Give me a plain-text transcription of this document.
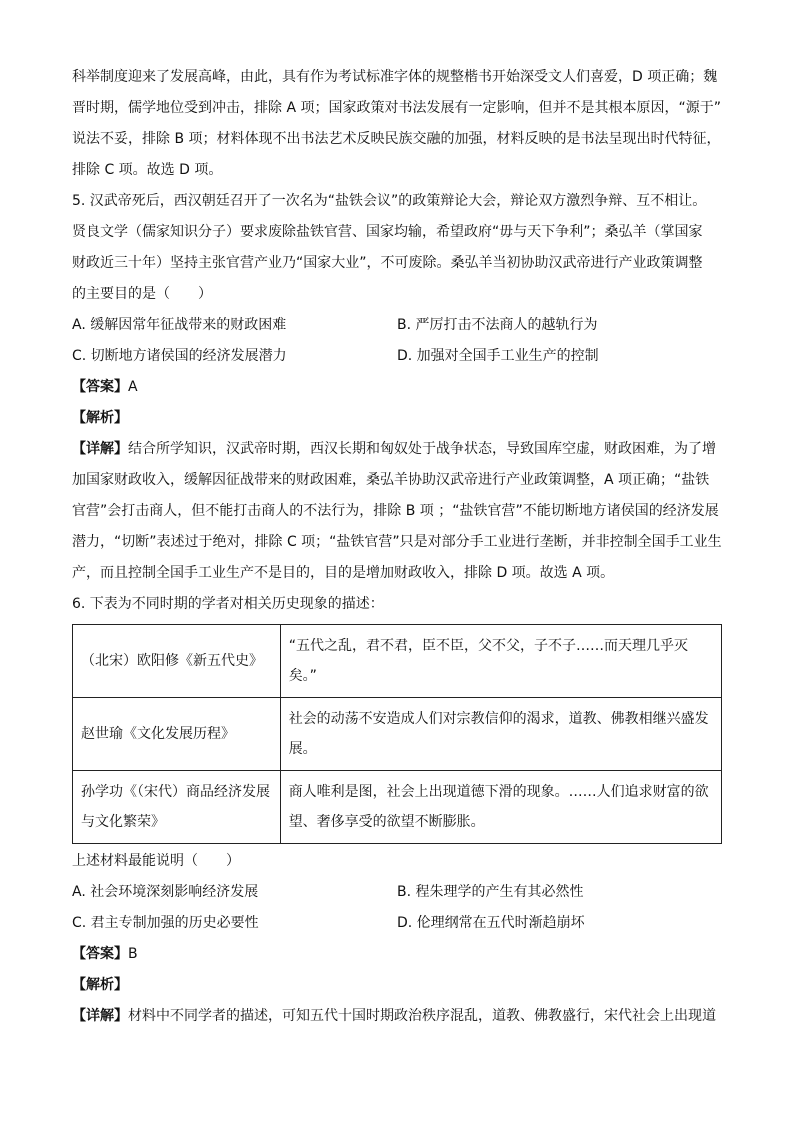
科举制度迎来了发展高峰，由此，具有作为考试标准字体的规整楷书开始深受文人们喜爱，D 项正确；魏
晋时期，儒学地位受到冲击，排除 A 项；国家政策对书法发展有一定影响，但并不是其根本原因，“源于”
说法不妥，排除 B 项；材料体现不出书法艺术反映民族交融的加强，材料反映的是书法呈现出时代特征，
排除 C 项。故选 D 项。
5. 汉武帝死后，西汉朝廷召开了一次名为“盐铁会议”的政策辩论大会，辩论双方激烈争辩、互不相让。
贤良文学（儒家知识分子）要求废除盐铁官营、国家均输，希望政府“毋与天下争利”；桑弘羊（掌国家
财政近三十年）坚持主张官营产业乃“国家大业”，不可废除。桑弘羊当初协助汉武帝进行产业政策调整
的主要目的是（　　）
A. 缓解因常年征战带来的财政困难	B. 严厉打击不法商人的越轨行为
C. 切断地方诸侯国的经济发展潜力	D. 加强对全国手工业生产的控制
【答案】A
【解析】
【详解】结合所学知识，汉武帝时期，西汉长期和匈奴处于战争状态，导致国库空虚，财政困难，为了增
加国家财政收入，缓解因征战带来的财政困难，桑弘羊协助汉武帝进行产业政策调整，A 项正确；“盐铁
官营”会打击商人，但不能打击商人的不法行为，排除 B 项 ；“盐铁官营”不能切断地方诸侯国的经济发展
潜力，“切断”表述过于绝对，排除 C 项；“盐铁官营”只是对部分手工业进行垄断，并非控制全国手工业生
产，而且控制全国手工业生产不是目的，目的是增加财政收入，排除 D 项。故选 A 项。
6. 下表为不同时期的学者对相关历史现象的描述：
（北宋）欧阳修《新五代史》	“五代之乱，君不君，臣不臣，父不父，子不子……而天理几乎灭矣。”
赵世瑜《文化发展历程》	社会的动荡不安造成人们对宗教信仰的渴求，道教、佛教相继兴盛发展。
孙学功《（宋代）商品经济发展与文化繁荣》	商人唯利是图，社会上出现道德下滑的现象。……人们追求财富的欲望、奢侈享受的欲望不断膨胀。
上述材料最能说明（　　）
A. 社会环境深刻影响经济发展	B. 程朱理学的产生有其必然性
C. 君主专制加强的历史必要性	D. 伦理纲常在五代时渐趋崩坏
【答案】B
【解析】
【详解】材料中不同学者的描述，可知五代十国时期政治秩序混乱，道教、佛教盛行，宋代社会上出现道
